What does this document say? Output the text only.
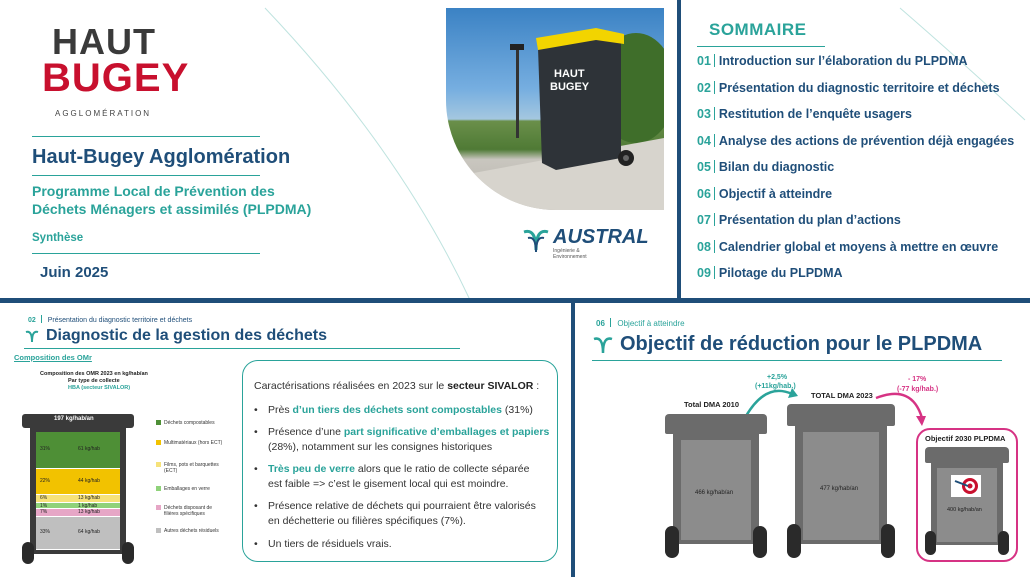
HAUT
BUGEY
AGGLOMÉRATION
Haut-Bugey Agglomération
Programme Local de Prévention des
Déchets Ménagers et assimilés (PLPDMA)
Synthèse
Juin 2025
HAUT
BUGEY
AUSTRAL
Ingénierie &
Environnement
SOMMAIRE
01 Introduction sur l’élaboration du PLPDMA
02 Présentation du diagnostic territoire et déchets
03 Restitution de l’enquête usagers
04 Analyse des actions de prévention déjà engagées
05 Bilan du diagnostic
06 Objectif à atteindre
07 Présentation du plan d’actions
08 Calendrier global et moyens à mettre en œuvre
09 Pilotage du PLPDMA
02 Présentation du diagnostic territoire et déchets
Diagnostic de la gestion des déchets
Composition des OMr
Composition des OMR 2023 en kg/hab/an
Par type de collecte
HBA (secteur SIVALOR)
197 kg/hab/an
31%	61 kg/hab
22%	44 kg/hab
6%	13 kg/hab
1%	1 kg/hab
7%	13 kg/hab
33%	64 kg/hab
Déchets compostables
Multimatériaux (hors ECT)
Films, pots et barquettes
(ECT)
Emballages en verre
Déchets disposant de
filières spécifiques
Autres déchets résiduels
Caractérisations réalisées en 2023 sur le secteur SIVALOR :
• Près d’un tiers des déchets sont compostables (31%)
• Présence d’une part significative d’emballages et papiers
(28%), notamment sur les consignes historiques
• Très peu de verre alors que le ratio de collecte séparée
est faible => c’est le gisement local qui est moindre.
• Présence relative de déchets qui pourraient être valorisés
en déchetterie ou filières spécifiques (7%).
• Un tiers de résiduels vrais.
06 Objectif à atteindre
Objectif de réduction pour le PLPDMA
+2,5%
(+11kg/hab.)
- 17%
(-77 kg/hab.)
Total DMA 2010
466 kg/hab/an
TOTAL DMA 2023
477 kg/hab/an
Objectif 2030 PLPDMA
400 kg/hab/an
